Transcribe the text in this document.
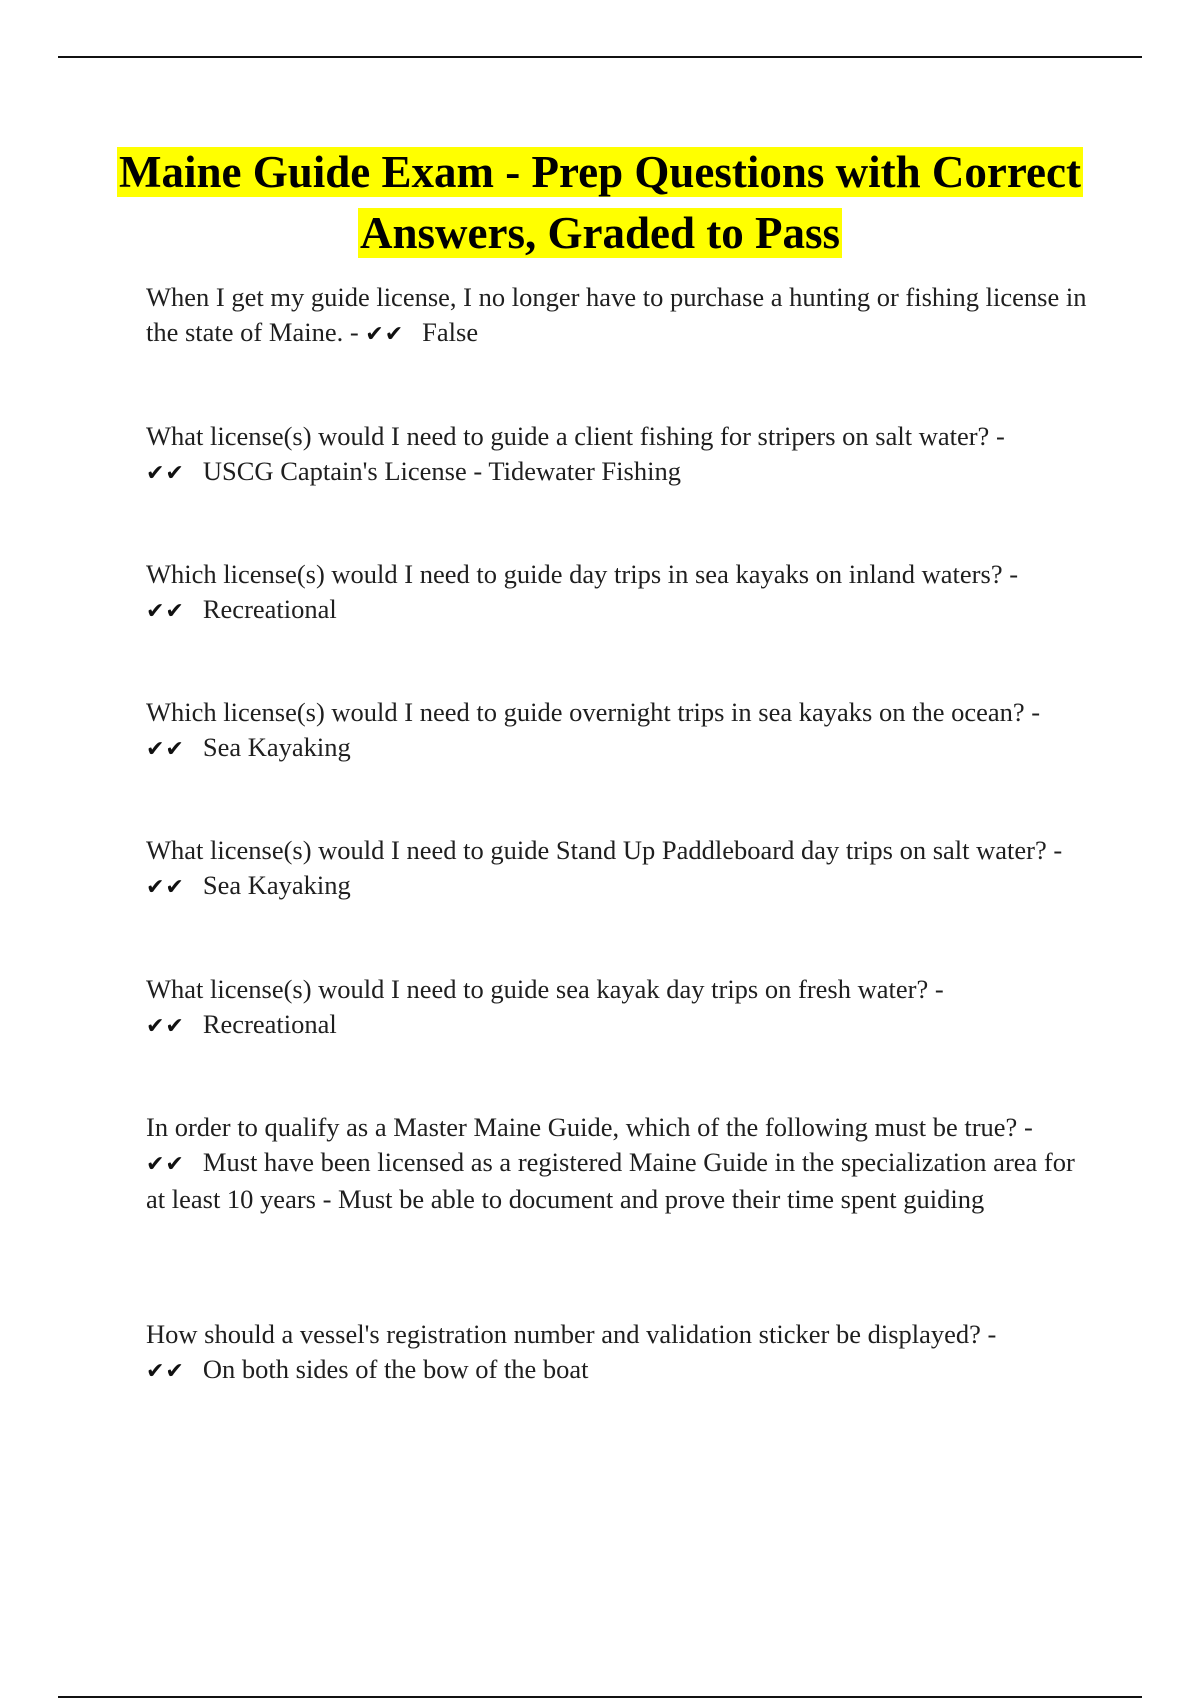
Maine Guide Exam - Prep Questions with Correct Answers, Graded to Pass
When I get my guide license, I no longer have to purchase a hunting or fishing license in the state of Maine. - ✔✔ False
What license(s) would I need to guide a client fishing for stripers on salt water? - ✔✔ USCG Captain's License - Tidewater Fishing
Which license(s) would I need to guide day trips in sea kayaks on inland waters? - ✔✔ Recreational
Which license(s) would I need to guide overnight trips in sea kayaks on the ocean? - ✔✔ Sea Kayaking
What license(s) would I need to guide Stand Up Paddleboard day trips on salt water? - ✔✔ Sea Kayaking
What license(s) would I need to guide sea kayak day trips on fresh water? - ✔✔ Recreational
In order to qualify as a Master Maine Guide, which of the following must be true? - ✔✔ Must have been licensed as a registered Maine Guide in the specialization area for at least 10 years - Must be able to document and prove their time spent guiding
How should a vessel's registration number and validation sticker be displayed? - ✔✔ On both sides of the bow of the boat
